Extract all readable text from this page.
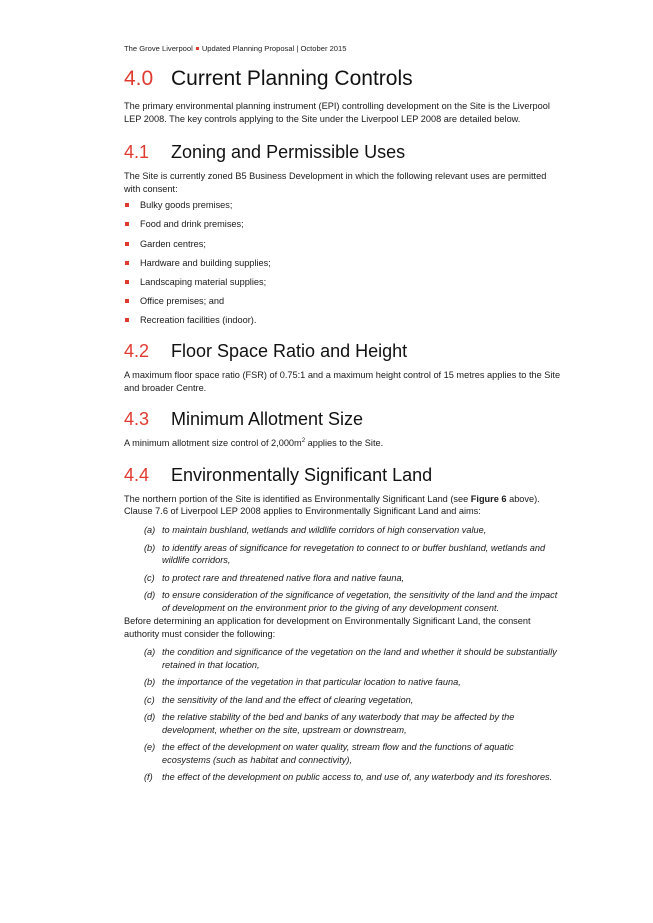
The Grove Liverpool Updated Planning Proposal | October 2015
4.0 Current Planning Controls

The primary environmental planning instrument (EPI) controlling development on the Site is the Liverpool LEP 2008. The key controls applying to the Site under the Liverpool LEP 2008 are detailed below.

4.1 Zoning and Permissible Uses

The Site is currently zoned B5 Business Development in which the following relevant uses are permitted with consent:

Bulky goods premises;
Food and drink premises;
Garden centres;
Hardware and building supplies;
Landscaping material supplies;
Office premises; and
Recreation facilities (indoor).
4.2 Floor Space Ratio and Height

A maximum floor space ratio (FSR) of 0.75:1 and a maximum height control of 15 metres applies to the Site and broader Centre.

4.3 Minimum Allotment Size

A minimum allotment size control of $2,000m^2$ applies to the Site.

4.4 Environmentally Significant Land

The northern portion of the Site is identified as Environmentally Significant Land (see Figure 6 above). Clause 7.6 of Liverpool LEP 2008 applies to Environmentally Significant Land and aims:

(a) to maintain bushland, wetlands and wildlife corridors of high conservation value,
(b) to identify areas of significance for revegetation to connect to or buffer bushland, wetlands and wildlife corridors,
(c) to protect rare and threatened native flora and native fauna,
(d) to ensure consideration of the significance of vegetation, the sensitivity of the land and the impact of development on the environment prior to the giving of any development consent.

Before determining an application for development on Environmentally Significant Land, the consent authority must consider the following:

(a) the condition and significance of the vegetation on the land and whether it should be substantially retained in that location,
(b) the importance of the vegetation in that particular location to native fauna,
(c) the sensitivity of the land and the effect of clearing vegetation,
(d) the relative stability of the bed and banks of any waterbody that may be affected by the development, whether on the site, upstream or downstream,
(e) the effect of the development on water quality, stream flow and the functions of aquatic ecosystems (such as habitat and connectivity),
(f) the effect of the development on public access to, and use of, any waterbody and its foreshores.
